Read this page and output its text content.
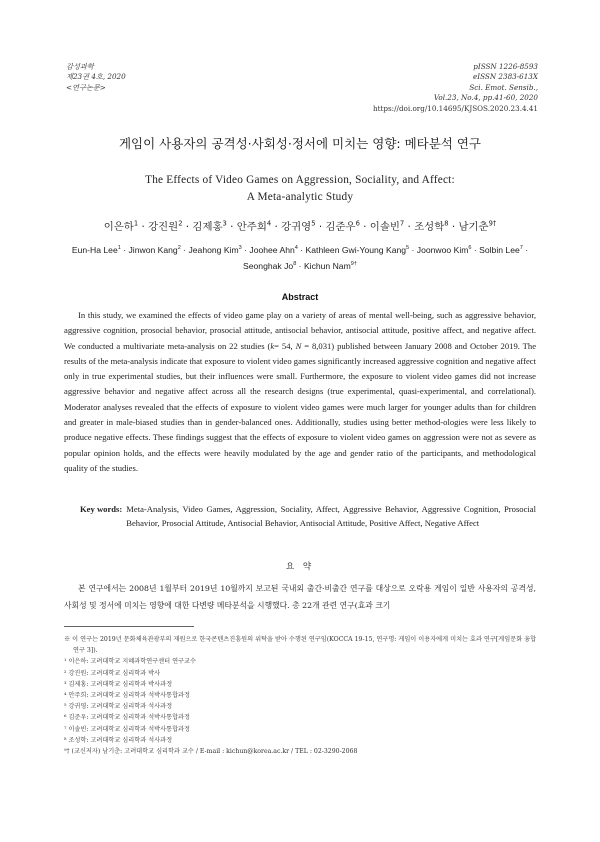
감성과학
제23권 4호, 2020
<연구논문>
pISSN 1226-8593
eISSN 2383-613X
Sci. Emot. Sensib.,
Vol.23, No.4, pp.41-60, 2020
https://doi.org/10.14695/KJSOS.2020.23.4.41
게임이 사용자의 공격성·사회성·정서에 미치는 영향: 메타분석 연구
The Effects of Video Games on Aggression, Sociality, and Affect:
A Meta-analytic Study
이은하$^1$ · 강진원$^2$ · 김제홍$^3$ · 안주희$^4$ · 강귀영$^5$ · 김준우$^6$ · 이솔빈$^7$ · 조성학$^8$ · 남기춘$^{9\dagger}$
Eun-Ha Lee$^1$ · Jinwon Kang$^2$ · Jeahong Kim$^3$ · Joohee Ahn$^4$ · Kathleen Gwi-Young Kang$^5$ · Joonwoo Kim$^6$ · Solbin Lee$^7$ · Seonghak $Jo^8$ · Kichun Nam$^{9\dagger}$
Abstract

In this study, we examined the effects of video game play on a variety of areas of mental well-being, such as aggressive behavior, aggressive cognition, prosocial behavior, prosocial attitude, antisocial behavior, antisocial attitude, positive affect, and negative affect. We conducted a multivariate meta-analysis on 22 studies (k= 54, N = 8,031) published between January 2008 and October 2019. The results of the meta-analysis indicate that exposure to violent video games significantly increased aggressive cognition and negative affect only in true experimental studies, but their influences were small. Furthermore, the exposure to violent video games did not increase aggressive behavior and negative affect across all the research designs (true experimental, quasi-experimental, and correlational). Moderator analyses revealed that the effects of exposure to violent video games were much larger for younger adults than for children and greater in male-biased studies than in gender-balanced ones. Additionally, studies using better method-ologies were less likely to produce negative effects. These findings suggest that the effects of exposure to violent video games on aggression were not as severe as popular opinion holds, and the effects were heavily modulated by the age and gender ratio of the participants, and methodological quality of the studies.

Key words: Meta-Analysis, Video Games, Aggression, Sociality, Affect, Aggressive Behavior, Aggressive Cognition, Prosocial Behavior, Prosocial Attitude, Antisocial Behavior, Antisocial Attitude, Positive Affect, Negative Affect
요 약

본 연구에서는 2008년 1월부터 2019년 10월까지 보고된 국내외 출간·비출간 연구를 대상으로 오락용 게임이 일반 사용자의 공격성, 사회성 및 정서에 미치는 영향에 대한 다변량 메타분석을 시행했다. 총 22개 관련 연구(효과 크기

※ 이 연구는 2019년 문화체육관광부의 재원으로 한국콘텐츠진흥원의 위탁을 받아 수행된 연구임(KOCCA 19-15, 연구명: 게임이 이용자에게 미치는 효과 연구[게임문화 융합연구 3]).
¹ 이은하: 고려대학교 지혜과학연구센터 연구교수
² 강진원: 고려대학교 심리학과 박사
³ 김제홍: 고려대학교 심리학과 박사과정
⁴ 안주희: 고려대학교 심리학과 석박사통합과정
⁵ 강귀영: 고려대학교 심리학과 석사과정
⁶ 김준우: 고려대학교 심리학과 석박사통합과정
⁷ 이솔빈: 고려대학교 심리학과 석박사통합과정
⁸ 조성학: 고려대학교 심리학과 석사과정
⁹† (교신저자) 남기춘: 고려대학교 심리학과 교수 / E-mail : kichun@korea.ac.kr / TEL : 02-3290-2068
